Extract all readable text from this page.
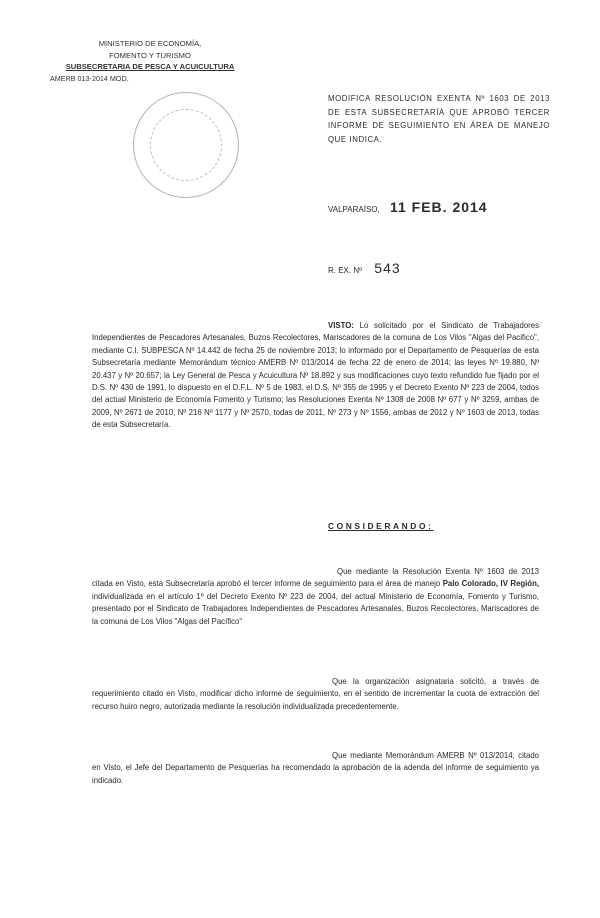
MINISTERIO DE ECONOMÍA,
FOMENTO Y TURISMO
SUBSECRETARIA DE PESCA Y ACUICULTURA
AMERB 013-2014 MOD.
MODIFICA RESOLUCIÓN EXENTA Nº 1603 DE 2013 DE ESTA SUBSECRETARÍA QUE APROBÓ TERCER INFORME DE SEGUIMIENTO EN ÁREA DE MANEJO QUE INDICA.
VALPARAÍSO, 11 FEB. 2014
R. EX. Nº 543
VISTO: Lo solicitado por el Sindicato de Trabajadores Independientes de Pescadores Artesanales, Buzos Recolectores, Mariscadores de la comuna de Los Vilos "Algas del Pacifico", mediante C.I. SUBPESCA Nº 14.442 de fecha 25 de noviembre 2013; lo informado por el Departamento de Pesquerías de esta Subsecretaría mediante Memorándum técnico AMERB Nº 013/2014 de fecha 22 de enero de 2014; las leyes Nº 19.880, Nº 20.437 y Nº 20.657; la Ley General de Pesca y Acuicultura Nº 18.892 y sus modificaciones cuyo texto refundido fue fijado por el D.S. Nº 430 de 1991, lo dispuesto en el D.F.L. Nº 5 de 1983, el D.S. Nº 355 de 1995 y el Decreto Exento Nº 223 de 2004, todos del actual Ministerio de Economía Fomento y Turismo; las Resoluciones Exenta Nº 1308 de 2008 Nº 677 y Nº 3259, ambas de 2009, Nº 2671 de 2010, Nº 216 Nº 1177 y Nº 2570, todas de 2011, Nº 273 y Nº 1556, ambas de 2012 y Nº 1603 de 2013, todas de esta Subsecretaría.
CONSIDERANDO:
Que mediante la Resolución Exenta Nº 1603 de 2013 citada en Visto, esta Subsecretaría aprobó el tercer informe de seguimiento para el área de manejo Palo Colorado, IV Región, individualizada en el artículo 1º del Decreto Exento Nº 223 de 2004, del actual Ministerio de Economía, Fomento y Turismo, presentado por el Sindicato de Trabajadores Independientes de Pescadores Artesanales, Buzos Recolectores, Mariscadores de la comuna de Los Vilos "Algas del Pacífico"
Que la organización asignataria solicitó, a través de requerimiento citado en Visto, modificar dicho informe de seguimiento, en el sentido de incrementar la cuota de extracción del recurso huiro negro, autorizada mediante la resolución individualizada precedentemente.
Que mediante Memorándum AMERB Nº 013/2014, citado en Visto, el Jefe del Departamento de Pesquerías ha recomendado la aprobación de la adenda del informe de seguimiento ya indicado.
